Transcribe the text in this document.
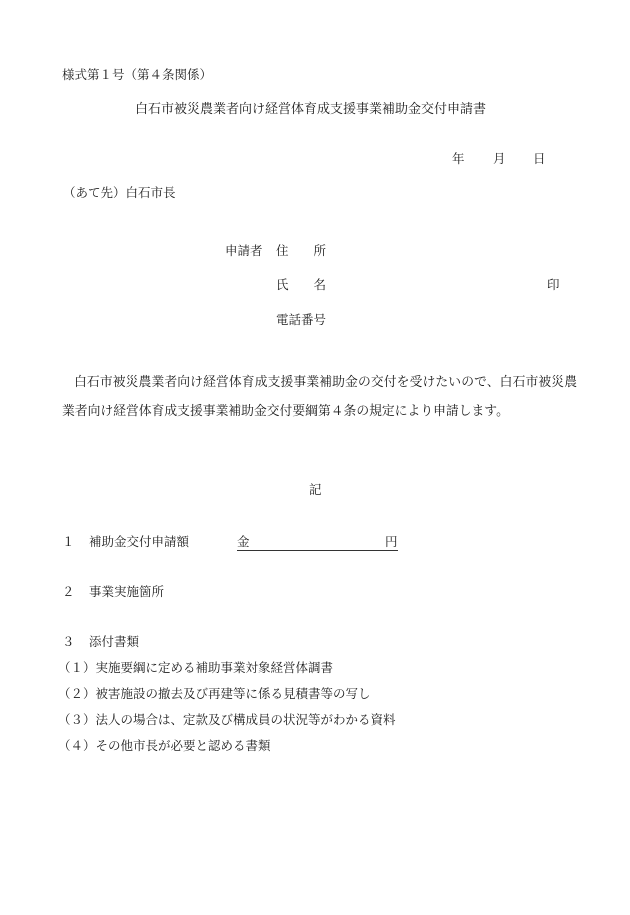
様式第１号（第４条関係）
白石市被災農業者向け経営体育成支援事業補助金交付申請書
年 月 日
（あて先）白石市長
申請者 住　　所
氏　　名	印
電話番号
白石市被災農業者向け経営体育成支援事業補助金の交付を受けたいので、白石市被災農業者向け経営体育成支援事業補助金交付要綱第４条の規定により申請します。
記
１ 補助金交付申請額	金	円
２ 事業実施箇所
３ 添付書類
（１）実施要綱に定める補助事業対象経営体調書
（２）被害施設の撤去及び再建等に係る見積書等の写し
（３）法人の場合は、定款及び構成員の状況等がわかる資料
（４）その他市長が必要と認める書類
